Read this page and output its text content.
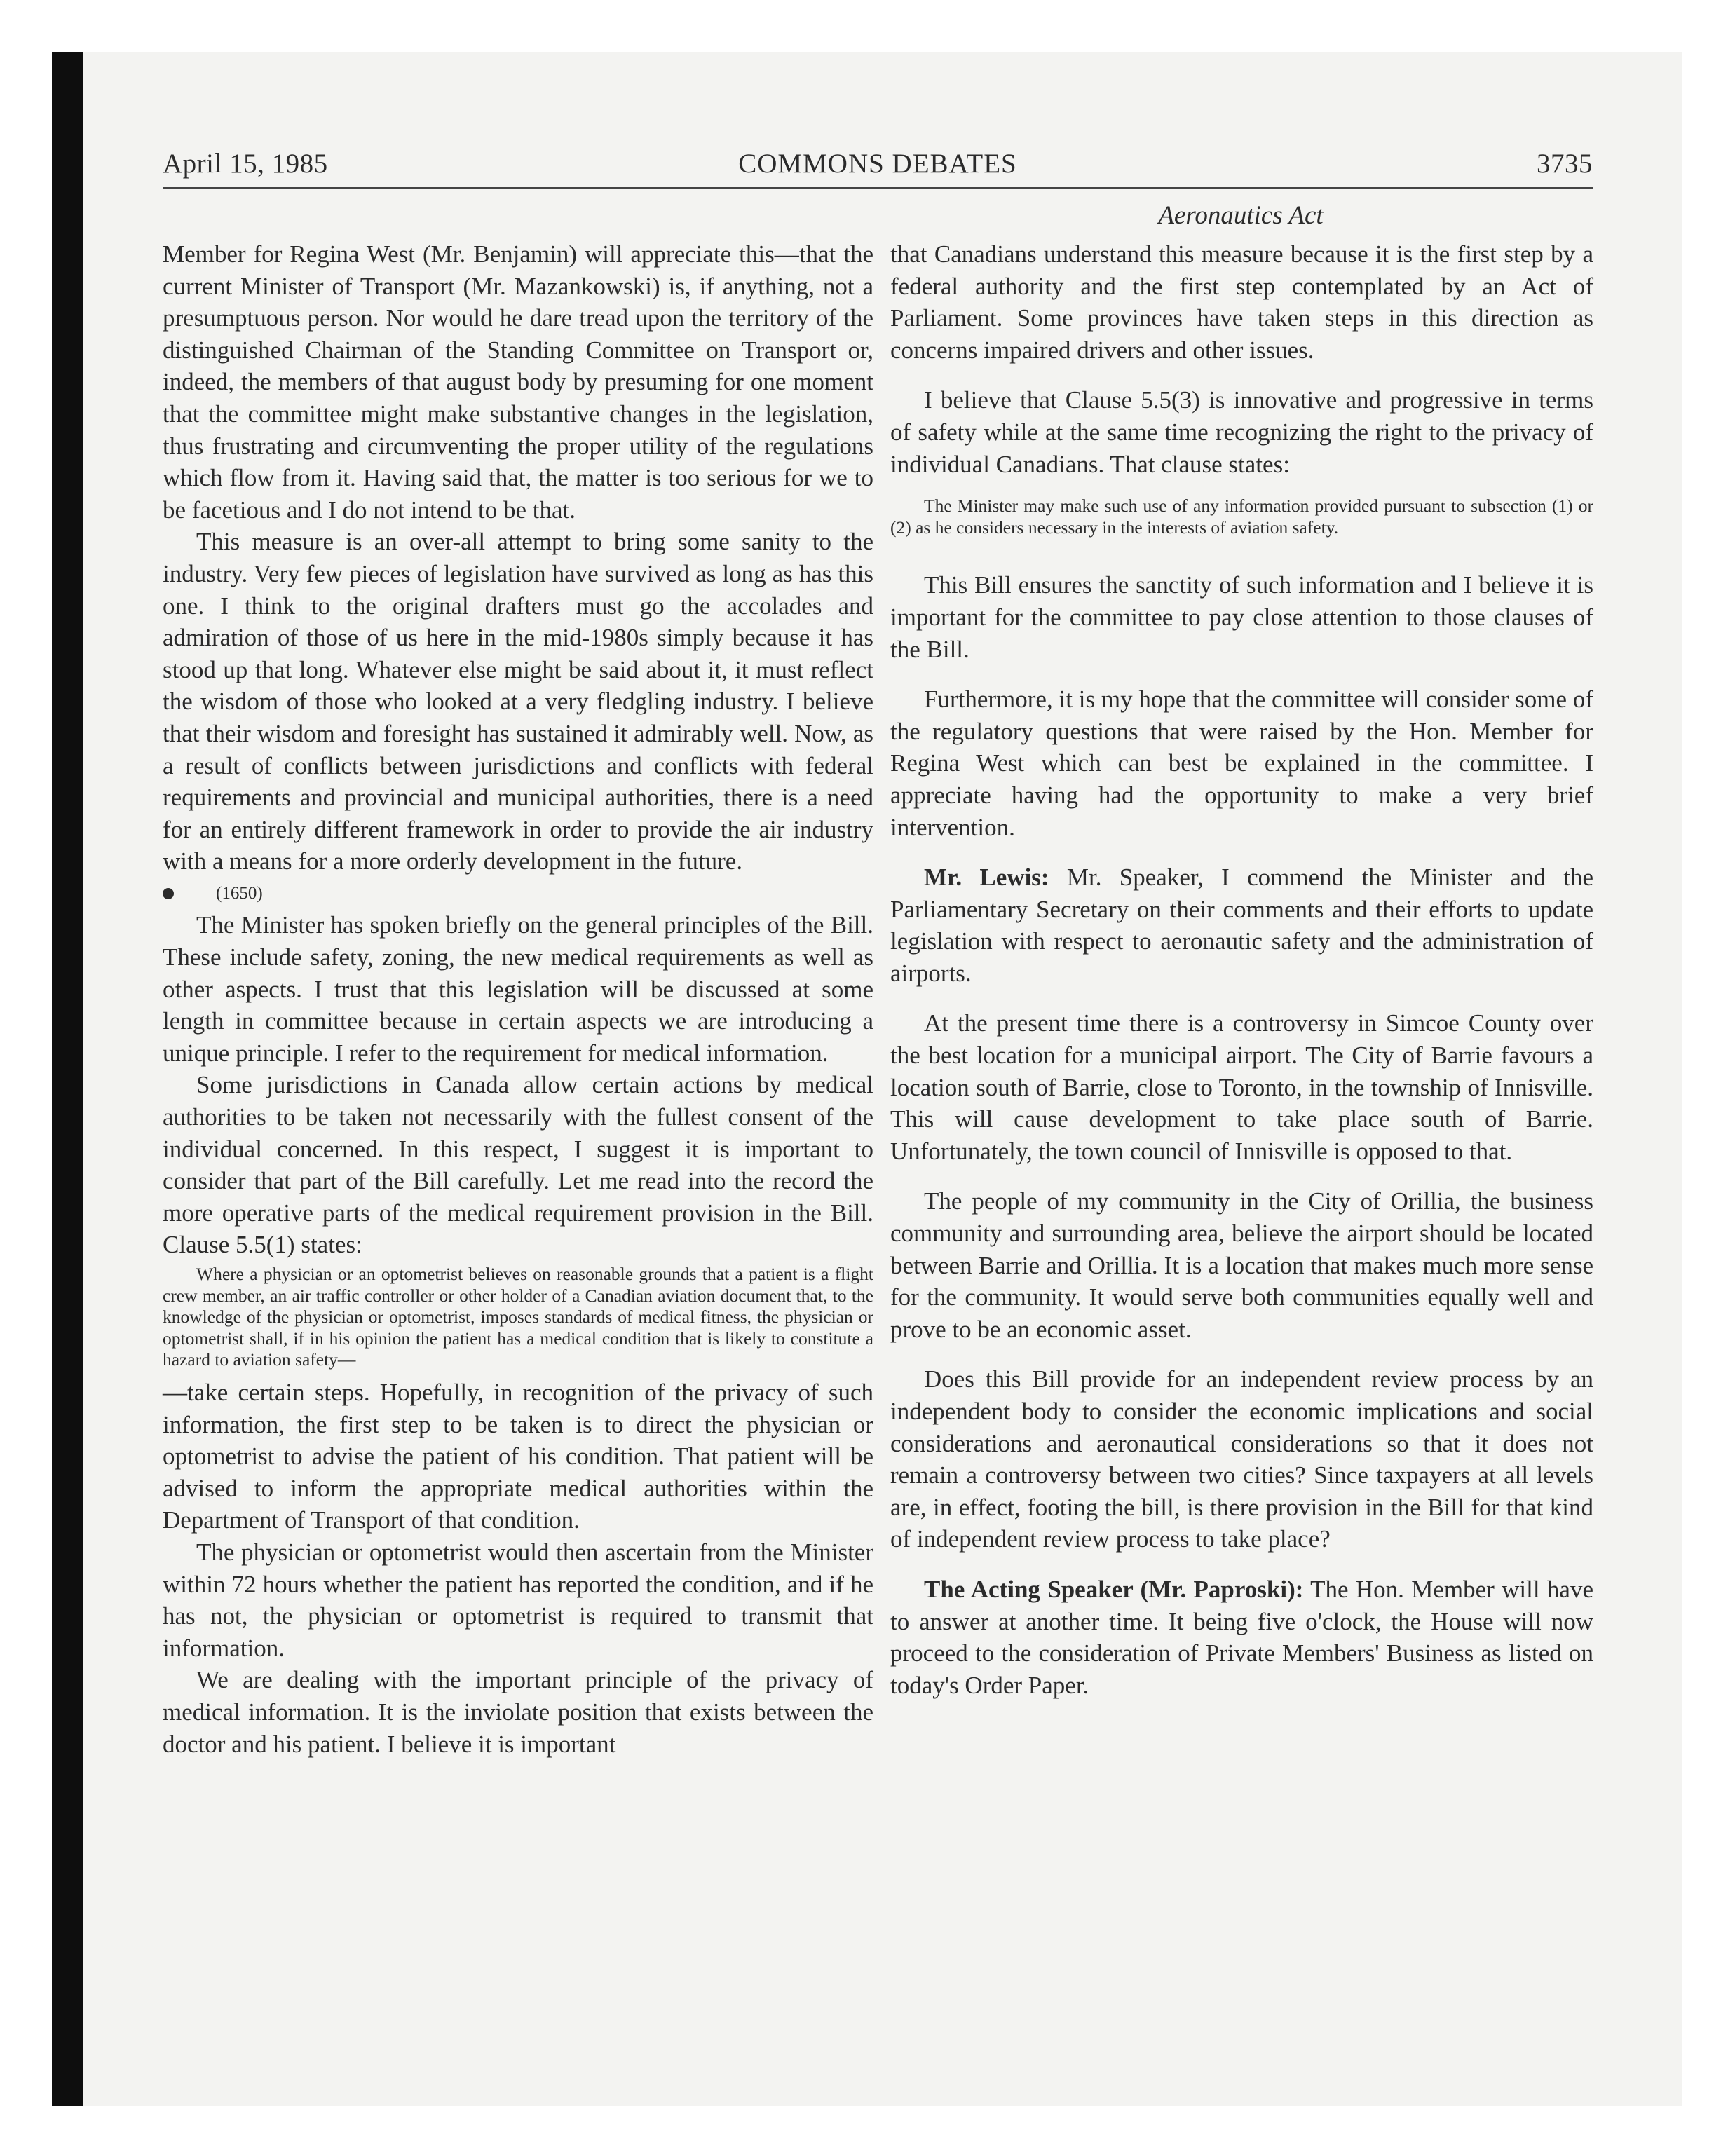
April 15, 1985	COMMONS DEBATES	3735
Aeronautics Act

Member for Regina West (Mr. Benjamin) will appreciate this—that the current Minister of Transport (Mr. Mazankowski) is, if anything, not a presumptuous person. Nor would he dare tread upon the territory of the distinguished Chairman of the Standing Committee on Transport or, indeed, the members of that august body by presuming for one moment that the committee might make substantive changes in the legislation, thus frustrating and circumventing the proper utility of the regulations which flow from it. Having said that, the matter is too serious for we to be facetious and I do not intend to be that.

This measure is an over-all attempt to bring some sanity to the industry. Very few pieces of legislation have survived as long as has this one. I think to the original drafters must go the accolades and admiration of those of us here in the mid-1980s simply because it has stood up that long. Whatever else might be said about it, it must reflect the wisdom of those who looked at a very fledgling industry. I believe that their wisdom and foresight has sustained it admirably well. Now, as a result of conflicts between jurisdictions and conflicts with federal requirements and provincial and municipal authorities, there is a need for an entirely different framework in order to provide the air industry with a means for a more orderly development in the future.

(1650)

The Minister has spoken briefly on the general principles of the Bill. These include safety, zoning, the new medical requirements as well as other aspects. I trust that this legislation will be discussed at some length in committee because in certain aspects we are introducing a unique principle. I refer to the requirement for medical information.

Some jurisdictions in Canada allow certain actions by medical authorities to be taken not necessarily with the fullest consent of the individual concerned. In this respect, I suggest it is important to consider that part of the Bill carefully. Let me read into the record the more operative parts of the medical requirement provision in the Bill. Clause 5.5(1) states:

Where a physician or an optometrist believes on reasonable grounds that a patient is a flight crew member, an air traffic controller or other holder of a Canadian aviation document that, to the knowledge of the physician or optometrist, imposes standards of medical fitness, the physician or optometrist shall, if in his opinion the patient has a medical condition that is likely to constitute a hazard to aviation safety—

—take certain steps. Hopefully, in recognition of the privacy of such information, the first step to be taken is to direct the physician or optometrist to advise the patient of his condition. That patient will be advised to inform the appropriate medical authorities within the Department of Transport of that condition.

The physician or optometrist would then ascertain from the Minister within 72 hours whether the patient has reported the condition, and if he has not, the physician or optometrist is required to transmit that information.

We are dealing with the important principle of the privacy of medical information. It is the inviolate position that exists between the doctor and his patient. I believe it is important

that Canadians understand this measure because it is the first step by a federal authority and the first step contemplated by an Act of Parliament. Some provinces have taken steps in this direction as concerns impaired drivers and other issues.

I believe that Clause 5.5(3) is innovative and progressive in terms of safety while at the same time recognizing the right to the privacy of individual Canadians. That clause states:

The Minister may make such use of any information provided pursuant to subsection (1) or (2) as he considers necessary in the interests of aviation safety.

This Bill ensures the sanctity of such information and I believe it is important for the committee to pay close attention to those clauses of the Bill.

Furthermore, it is my hope that the committee will consider some of the regulatory questions that were raised by the Hon. Member for Regina West which can best be explained in the committee. I appreciate having had the opportunity to make a very brief intervention.

Mr. Lewis: Mr. Speaker, I commend the Minister and the Parliamentary Secretary on their comments and their efforts to update legislation with respect to aeronautic safety and the administration of airports.

At the present time there is a controversy in Simcoe County over the best location for a municipal airport. The City of Barrie favours a location south of Barrie, close to Toronto, in the township of Innisville. This will cause development to take place south of Barrie. Unfortunately, the town council of Innisville is opposed to that.

The people of my community in the City of Orillia, the business community and surrounding area, believe the airport should be located between Barrie and Orillia. It is a location that makes much more sense for the community. It would serve both communities equally well and prove to be an economic asset.

Does this Bill provide for an independent review process by an independent body to consider the economic implications and social considerations and aeronautical considerations so that it does not remain a controversy between two cities? Since taxpayers at all levels are, in effect, footing the bill, is there provision in the Bill for that kind of independent review process to take place?

The Acting Speaker (Mr. Paproski): The Hon. Member will have to answer at another time. It being five o'clock, the House will now proceed to the consideration of Private Members' Business as listed on today's Order Paper.
